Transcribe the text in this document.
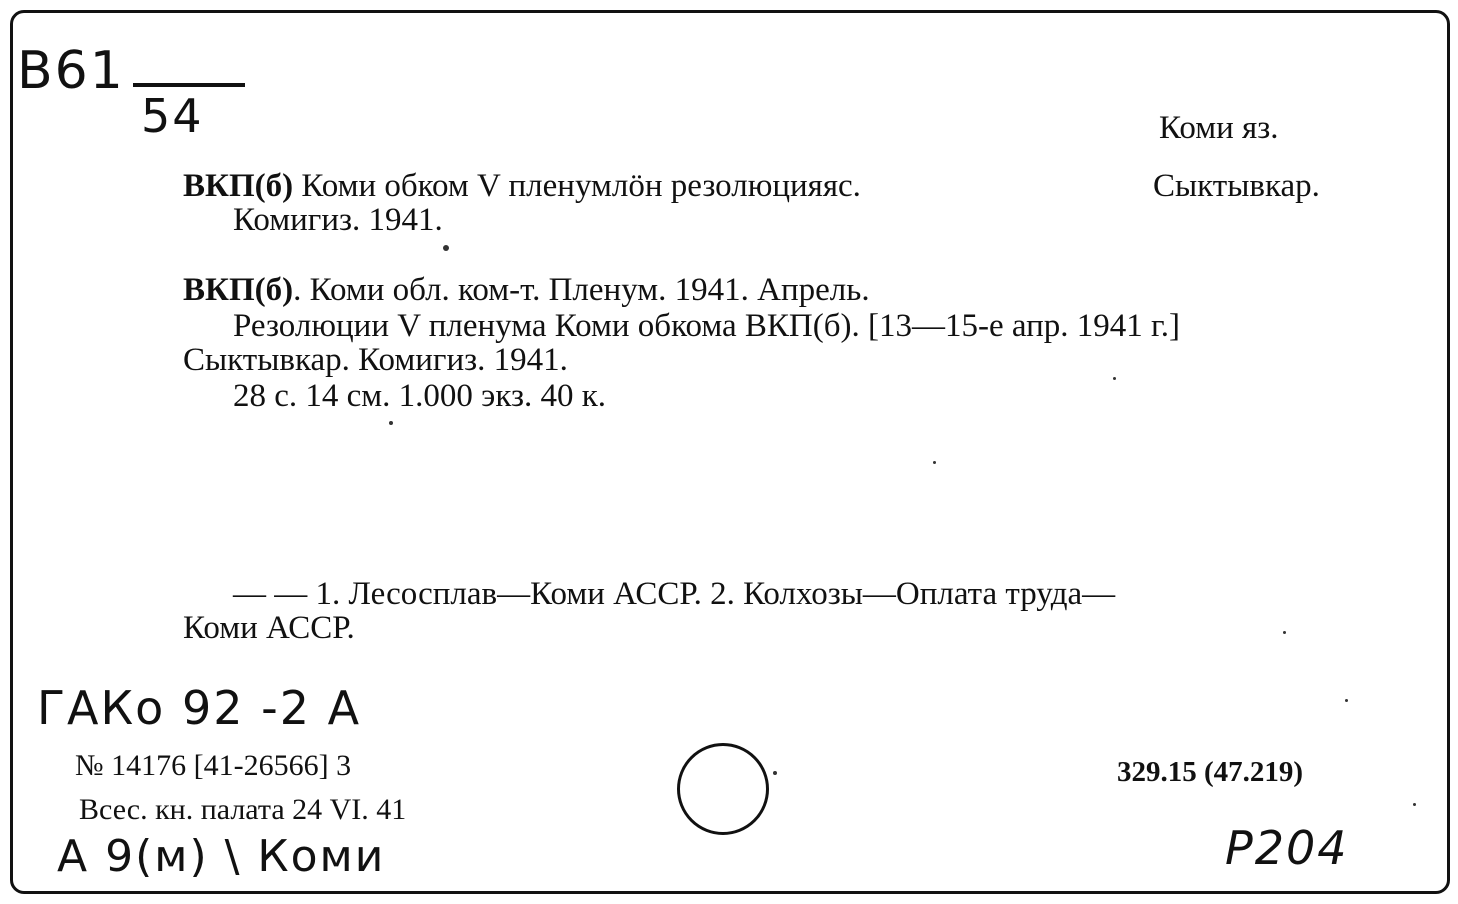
В61
54	Коми яз.
ВКП(б) Коми обком V пленумлöн резолюцияяс.	Сыктывкар.
Комигиз. 1941.
ВКП(б). Коми обл. ком-т. Пленум. 1941. Апрель.
Резолюции V пленума Коми обкома ВКП(б). [13—15-е апр. 1941 г.]
Сыктывкар. Комигиз. 1941.
28 с. 14 см. 1.000 экз. 40 к.
— — 1. Лесосплав—Коми АССР. 2. Колхозы—Оплата труда—
Коми АССР.
ГАКо 92 -2 А
№ 14176 [41-26566] 3
Всес. кн. палата 24 VI. 41
329.15 (47.219)
А 9(м) \ Коми	Р204
